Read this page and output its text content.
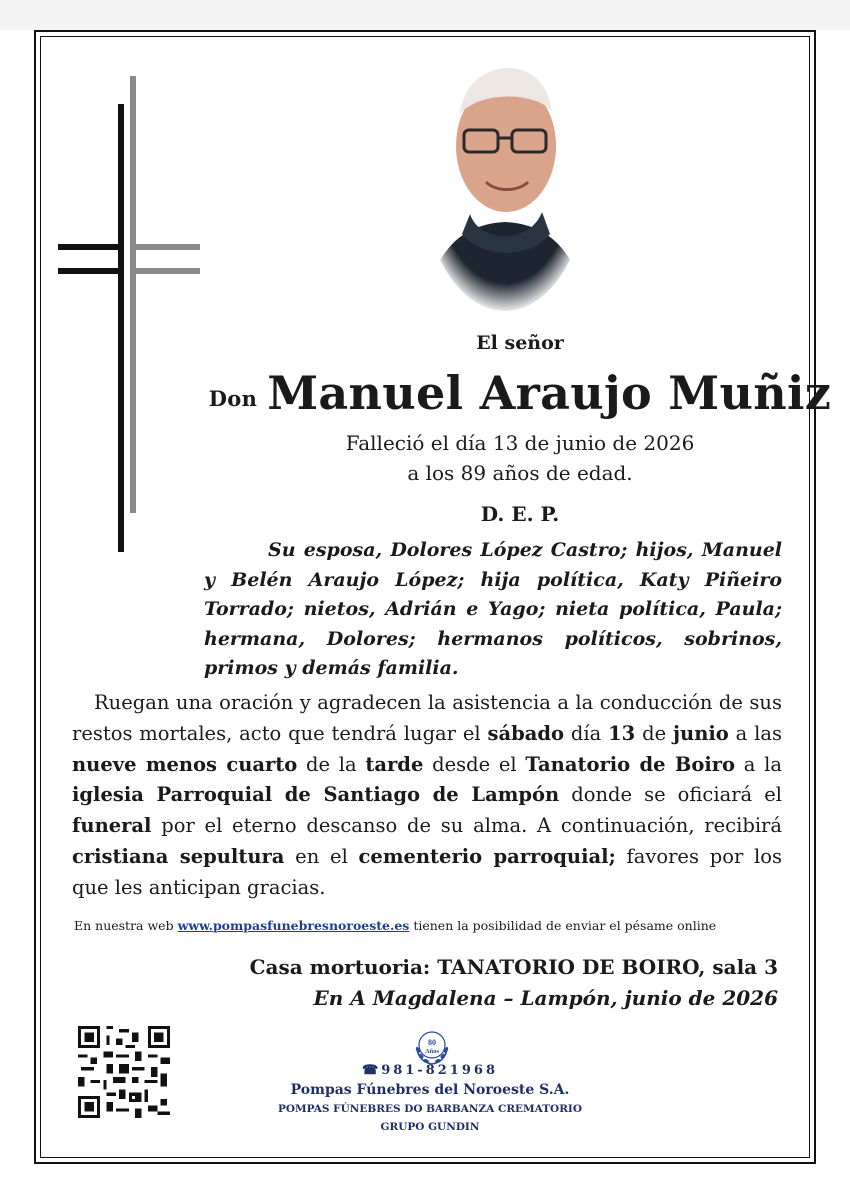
El señor
Don Manuel Araujo Muñiz
Falleció el día 13 de junio de 2026
a los 89 años de edad.
D. E. P.
Su esposa, Dolores López Castro; hijos, Manuel y Belén Araujo López; hija política, Katy Piñeiro Torrado; nietos, Adrián e Yago; nieta política, Paula; hermana, Dolores; hermanos políticos, sobrinos, primos y demás familia.
Ruegan una oración y agradecen la asistencia a la conducción de sus restos mortales, acto que tendrá lugar el sábado día 13 de junio a las nueve menos cuarto de la tarde desde el Tanatorio de Boiro a la iglesia Parroquial de Santiago de Lampón donde se oficiará el funeral por el eterno descanso de su alma. A continuación, recibirá cristiana sepultura en el cementerio parroquial; favores por los que les anticipan gracias.
En nuestra web www.pompasfunebresnoroeste.es tienen la posibilidad de enviar el pésame online
Casa mortuoria: TANATORIO DE BOIRO, sala 3
En A Magdalena – Lampón, junio de 2026
80
Años
☎981-821968
Pompas Fúnebres del Noroeste S.A.
POMPAS FÚNEBRES DO BARBANZA CREMATORIO
GRUPO GUNDIN
